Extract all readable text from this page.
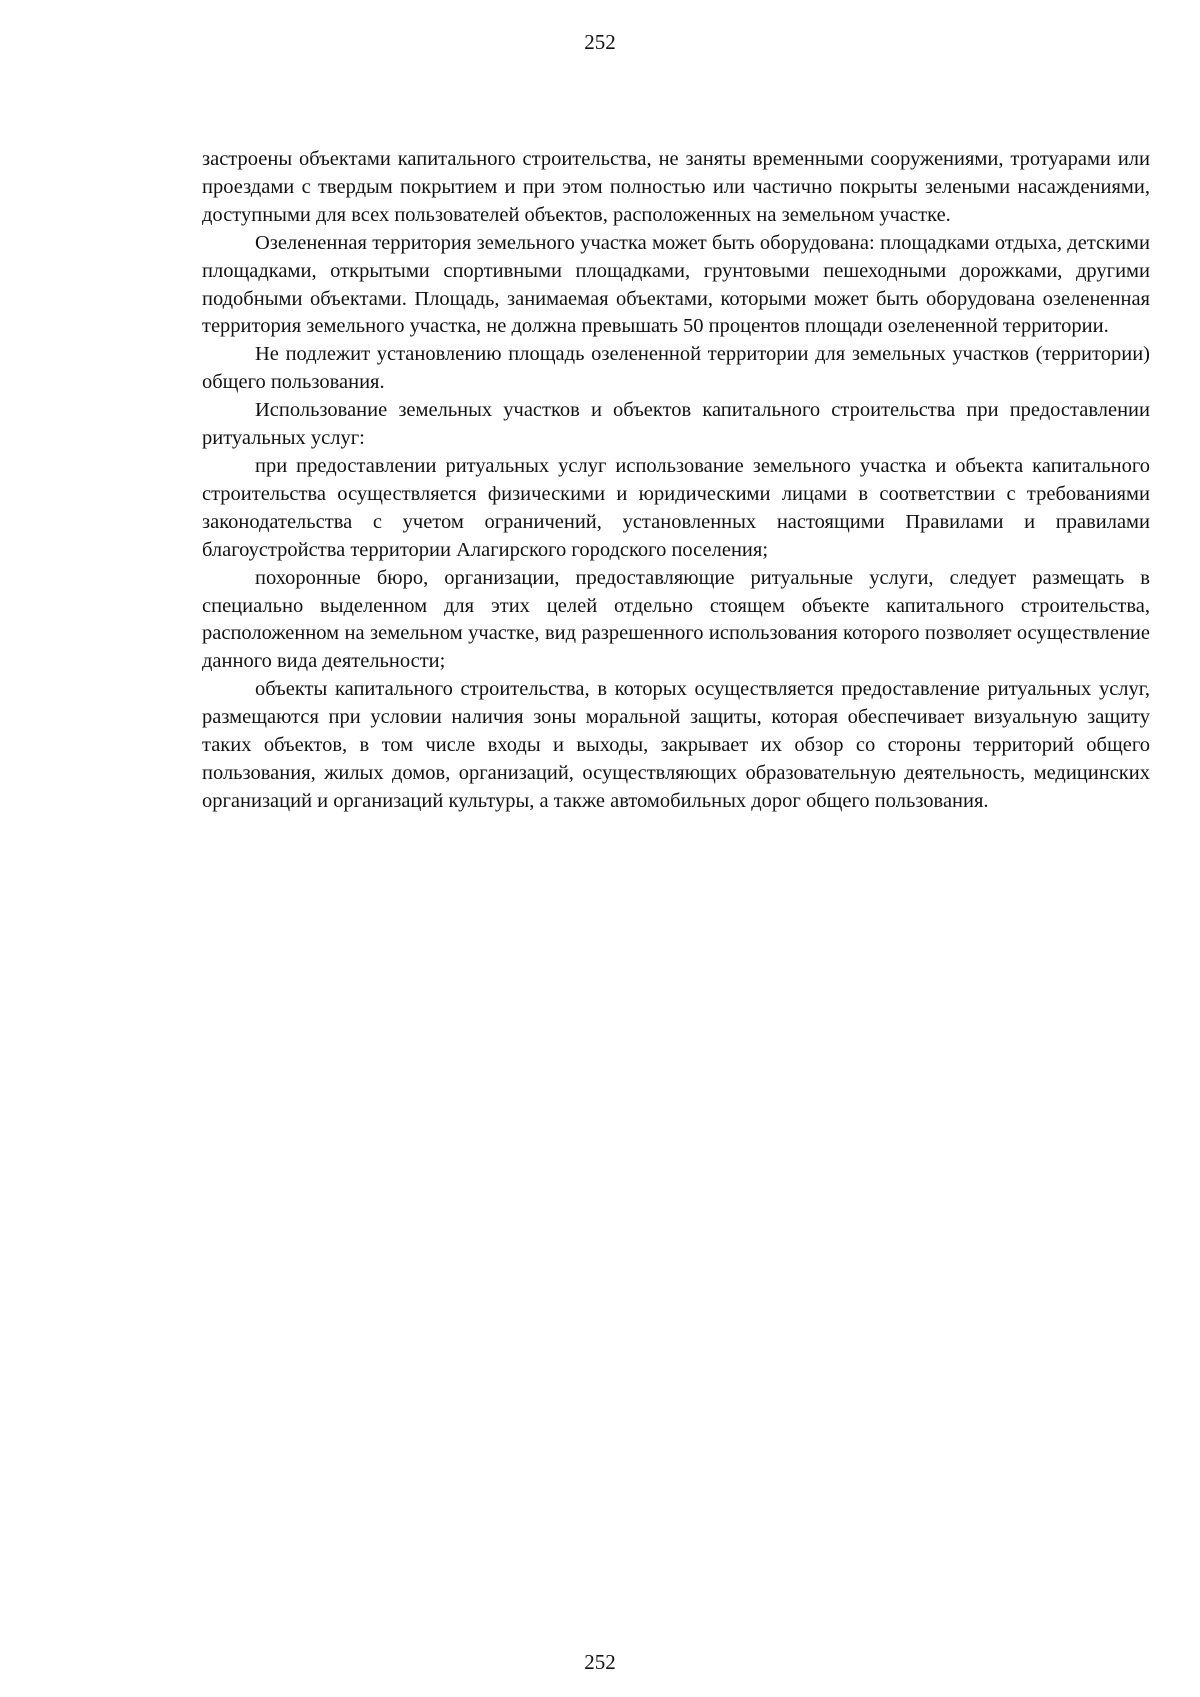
252

застроены объектами капитального строительства, не заняты временными сооружениями, тротуарами или проездами с твердым покрытием и при этом полностью или частично покрыты зелеными насаждениями, доступными для всех пользователей объектов, расположенных на земельном участке.

Озелененная территория земельного участка может быть оборудована: площадками отдыха, детскими площадками, открытыми спортивными площадками, грунтовыми пешеходными дорожками, другими подобными объектами. Площадь, занимаемая объектами, которыми может быть оборудована озелененная территория земельного участка, не должна превышать 50 процентов площади озелененной территории.

Не подлежит установлению площадь озелененной территории для земельных участков (территории) общего пользования.

Использование земельных участков и объектов капитального строительства при предоставлении ритуальных услуг:

при предоставлении ритуальных услуг использование земельного участка и объекта капитального строительства осуществляется физическими и юридическими лицами в соответствии с требованиями законодательства с учетом ограничений, установленных настоящими Правилами и правилами благоустройства территории Алагирского городского поселения;

похоронные бюро, организации, предоставляющие ритуальные услуги, следует размещать в специально выделенном для этих целей отдельно стоящем объекте капитального строительства, расположенном на земельном участке, вид разрешенного использования которого позволяет осуществление данного вида деятельности;

объекты капитального строительства, в которых осуществляется предоставление ритуальных услуг, размещаются при условии наличия зоны моральной защиты, которая обеспечивает визуальную защиту таких объектов, в том числе входы и выходы, закрывает их обзор со стороны территорий общего пользования, жилых домов, организаций, осуществляющих образовательную деятельность, медицинских организаций и организаций культуры, а также автомобильных дорог общего пользования.

252
